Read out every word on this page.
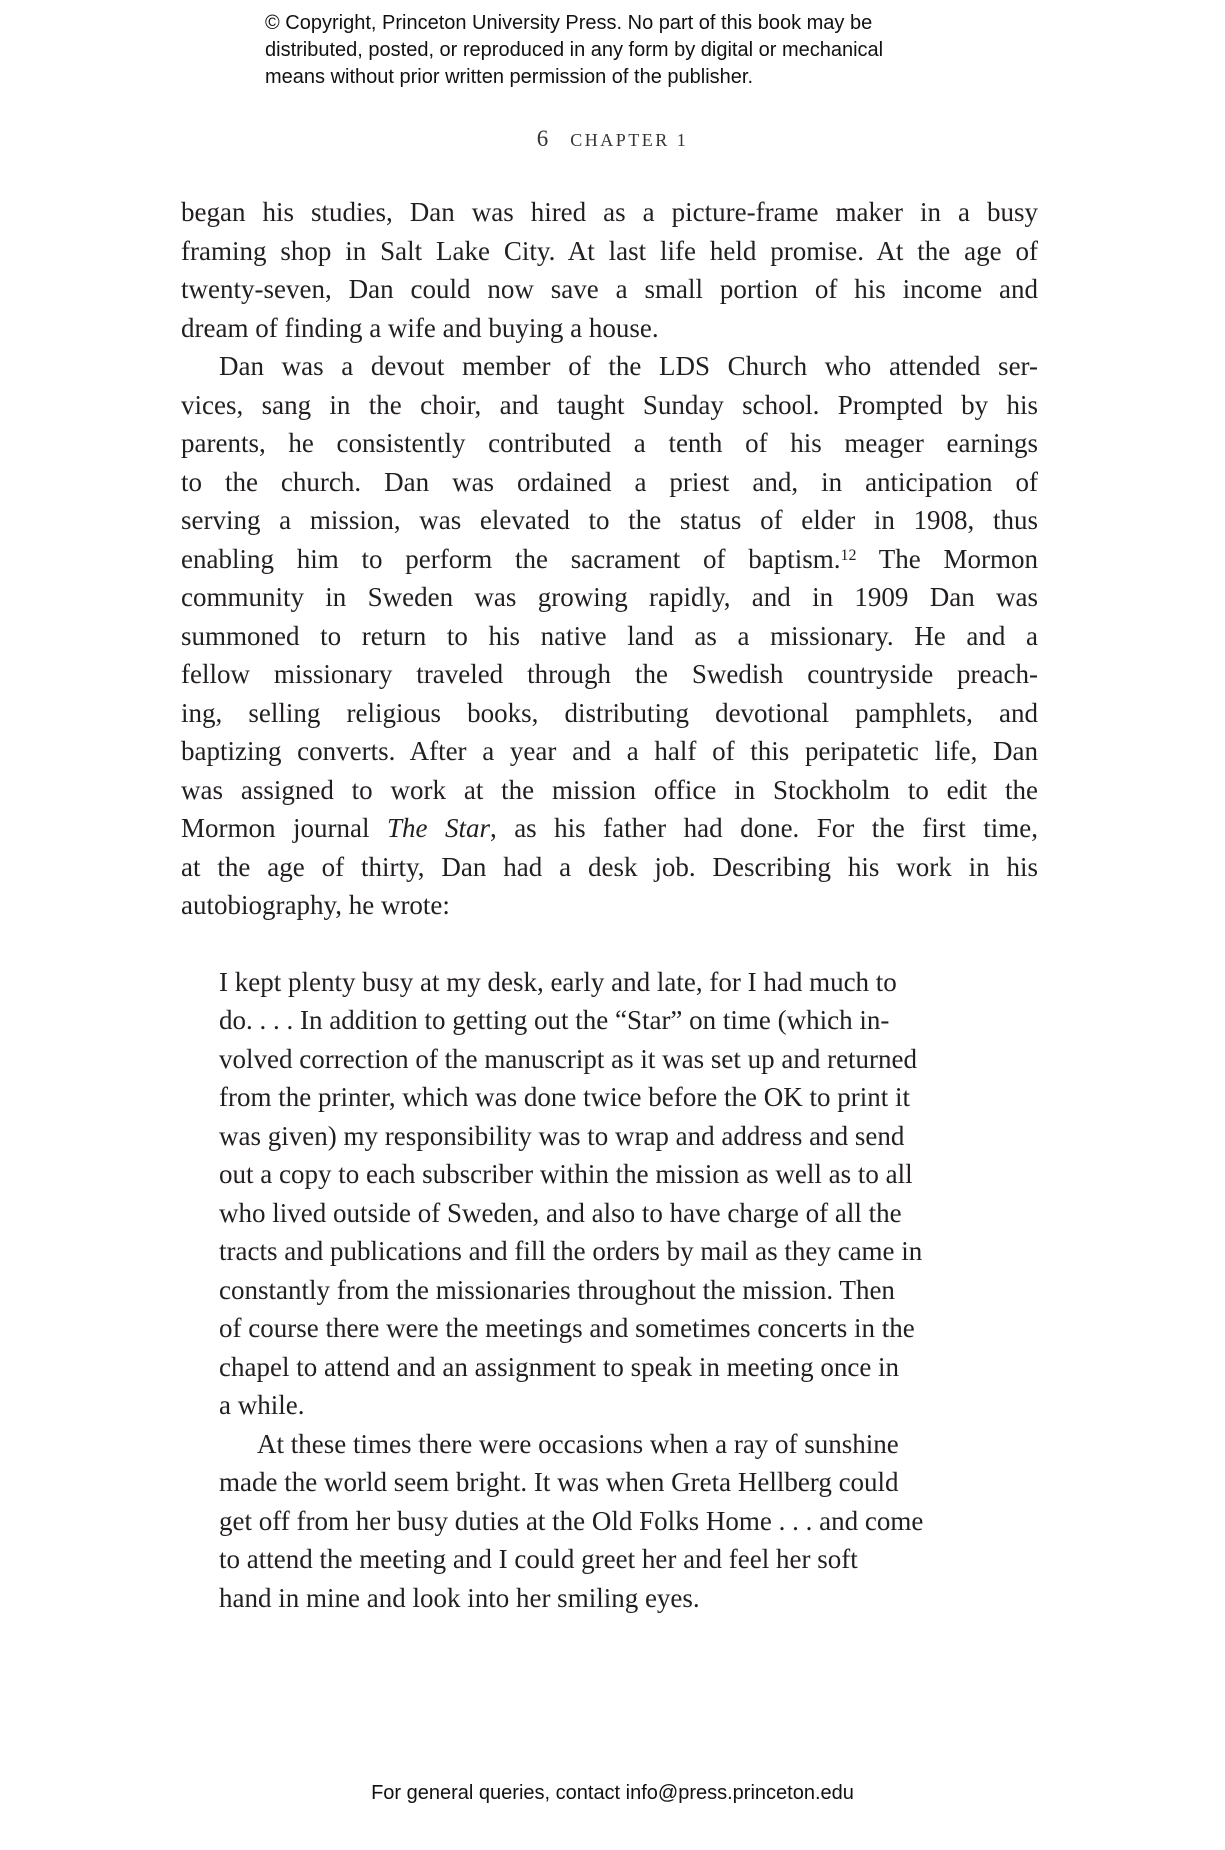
© Copyright, Princeton University Press. No part of this book may be
distributed, posted, or reproduced in any form by digital or mechanical
means without prior written permission of the publisher.
6 CHAPTER 1
began his studies, Dan was hired as a picture-frame maker in a busy
framing shop in Salt Lake City. At last life held promise. At the age of
twenty-seven, Dan could now save a small portion of his income and
dream of finding a wife and buying a house.
Dan was a devout member of the LDS Church who attended ser-
vices, sang in the choir, and taught Sunday school. Prompted by his
parents, he consistently contributed a tenth of his meager earnings
to the church. Dan was ordained a priest and, in anticipation of
serving a mission, was elevated to the status of elder in 1908, thus
enabling him to perform the sacrament of baptism.$^{12}$ The Mormon
community in Sweden was growing rapidly, and in 1909 Dan was
summoned to return to his native land as a missionary. He and a
fellow missionary traveled through the Swedish countryside preach-
ing, selling religious books, distributing devotional pamphlets, and
baptizing converts. After a year and a half of this peripatetic life, Dan
was assigned to work at the mission office in Stockholm to edit the
Mormon journal The Star, as his father had done. For the first time,
at the age of thirty, Dan had a desk job. Describing his work in his
autobiography, he wrote:
I kept plenty busy at my desk, early and late, for I had much to
do. . . . In addition to getting out the “Star” on time (which in-
volved correction of the manuscript as it was set up and returned
from the printer, which was done twice before the OK to print it
was given) my responsibility was to wrap and address and send
out a copy to each subscriber within the mission as well as to all
who lived outside of Sweden, and also to have charge of all the
tracts and publications and fill the orders by mail as they came in
constantly from the missionaries throughout the mission. Then
of course there were the meetings and sometimes concerts in the
chapel to attend and an assignment to speak in meeting once in
a while.
At these times there were occasions when a ray of sunshine
made the world seem bright. It was when Greta Hellberg could
get off from her busy duties at the Old Folks Home . . . and come
to attend the meeting and I could greet her and feel her soft
hand in mine and look into her smiling eyes.
For general queries, contact info@press.princeton.edu
